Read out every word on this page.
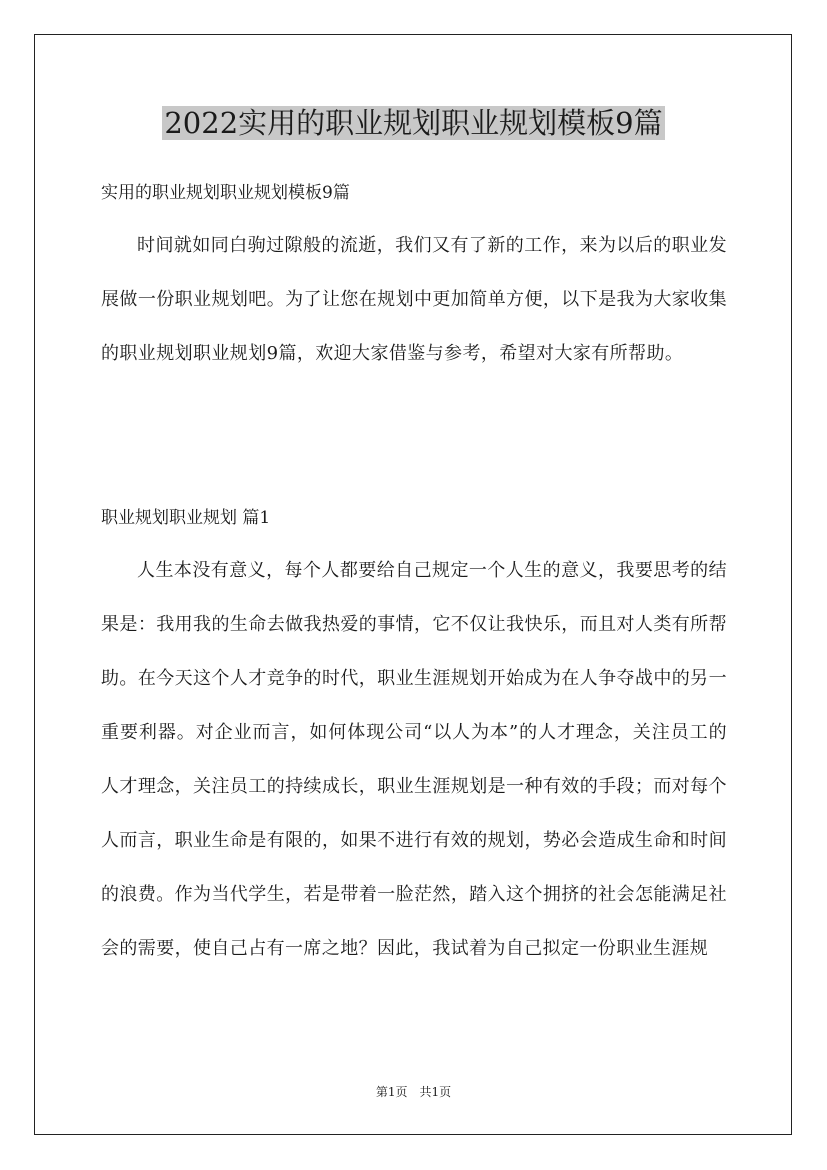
2022实用的职业规划职业规划模板9篇

实用的职业规划职业规划模板9篇

时间就如同白驹过隙般的流逝，我们又有了新的工作，来为以后的职业发展做一份职业规划吧。为了让您在规划中更加简单方便，以下是我为大家收集的职业规划职业规划9篇，欢迎大家借鉴与参考，希望对大家有所帮助。

职业规划职业规划 篇1

人生本没有意义，每个人都要给自己规定一个人生的意义，我要思考的结果是：我用我的生命去做我热爱的事情，它不仅让我快乐，而且对人类有所帮助。在今天这个人才竞争的时代，职业生涯规划开始成为在人争夺战中的另一重要利器。对企业而言，如何体现公司“以人为本”的人才理念，关注员工的人才理念，关注员工的持续成长，职业生涯规划是一种有效的手段；而对每个人而言，职业生命是有限的，如果不进行有效的规划，势必会造成生命和时间的浪费。作为当代学生，若是带着一脸茫然，踏入这个拥挤的社会怎能满足社会的需要，使自己占有一席之地？因此，我试着为自己拟定一份职业生涯规

第1页　共1页
